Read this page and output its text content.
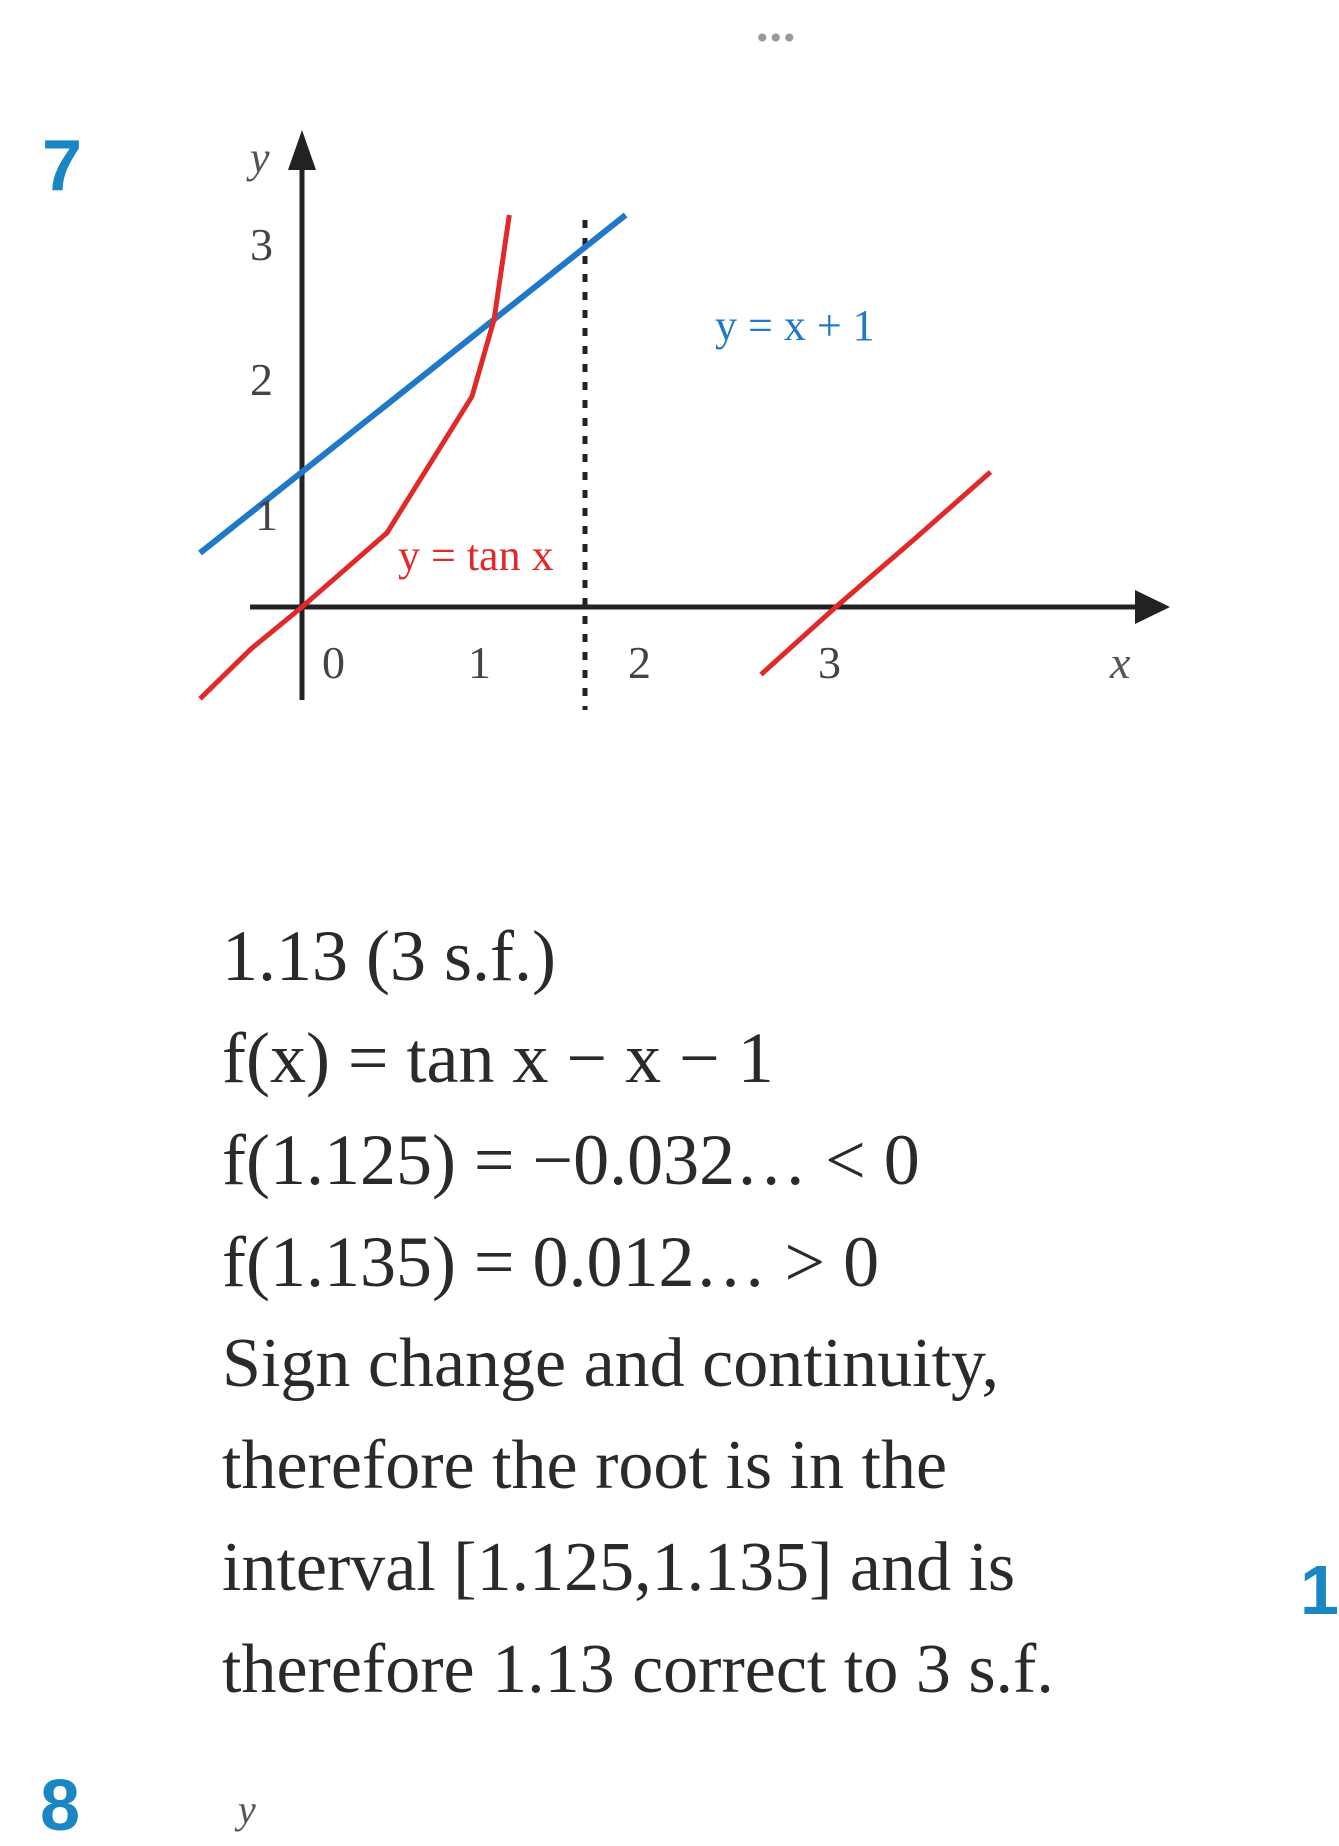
•••
7	y
3
2
1
0	1	2	3	x
y = x + 1
y = tan x
1.13 (3 s.f.)
f(x) = tan x − x − 1
f(1.125) = −0.032… < 0
f(1.135) = 0.012… > 0
Sign change and continuity,
therefore the root is in the
interval [1.125,1.135] and is
therefore 1.13 correct to 3 s.f.
1
8	y
